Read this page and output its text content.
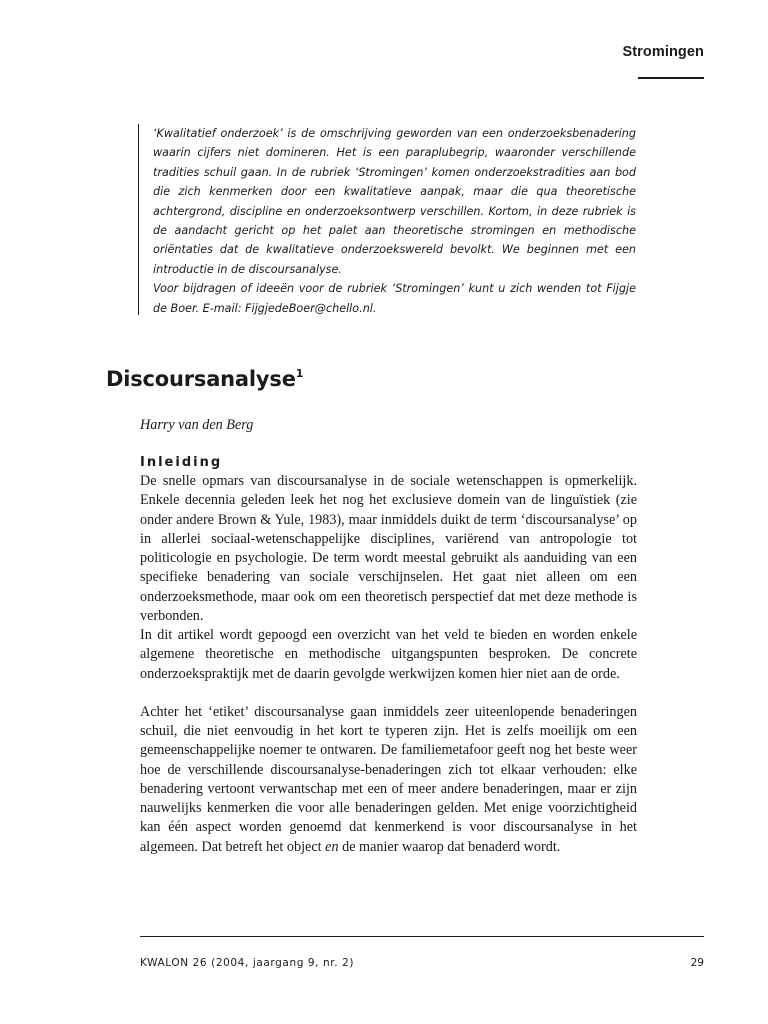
Stromingen

‘Kwalitatief onderzoek’ is de omschrijving geworden van een onderzoeksbenadering waarin cijfers niet domineren. Het is een paraplubegrip, waaronder verschillende tradities schuil gaan. In de rubriek ‘Stromingen’ komen onderzoekstradities aan bod die zich kenmerken door een kwalitatieve aanpak, maar die qua theoretische achtergrond, discipline en onderzoeksontwerp verschillen. Kortom, in deze rubriek is de aandacht gericht op het palet aan theoretische stromingen en methodische oriëntaties dat de kwalitatieve onderzoekswereld bevolkt. We beginnen met een introductie in de discoursanalyse.

Voor bijdragen of ideeën voor de rubriek ‘Stromingen’ kunt u zich wenden tot Fijgje de Boer. E-mail: FijgjedeBoer@chello.nl.

Discoursanalyse$^1$

Harry van den Berg

Inleiding

De snelle opmars van discoursanalyse in de sociale wetenschappen is opmerkelijk. Enkele decennia geleden leek het nog het exclusieve domein van de linguïstiek (zie onder andere Brown & Yule, 1983), maar inmiddels duikt de term ‘discoursanalyse’ op in allerlei sociaal-wetenschappelijke disciplines, variërend van antropologie tot politicologie en psychologie. De term wordt meestal gebruikt als aanduiding van een specifieke benadering van sociale verschijnselen. Het gaat niet alleen om een onderzoeksmethode, maar ook om een theoretisch perspectief dat met deze methode is verbonden.

In dit artikel wordt gepoogd een overzicht van het veld te bieden en worden enkele algemene theoretische en methodische uitgangspunten besproken. De concrete onderzoekspraktijk met de daarin gevolgde werkwijzen komen hier niet aan de orde.

Achter het ‘etiket’ discoursanalyse gaan inmiddels zeer uiteenlopende benaderingen schuil, die niet eenvoudig in het kort te typeren zijn. Het is zelfs moeilijk om een gemeenschappelijke noemer te ontwaren. De familiemetafoor geeft nog het beste weer hoe de verschillende discoursanalyse-benaderingen zich tot elkaar verhouden: elke benadering vertoont verwantschap met een of meer andere benaderingen, maar er zijn nauwelijks kenmerken die voor alle benaderingen gelden. Met enige voorzichtigheid kan één aspect worden genoemd dat kenmerkend is voor discoursanalyse in het algemeen. Dat betreft het object en de manier waarop dat benaderd wordt.

KWALON 26 (2004, jaargang 9, nr. 2)	29
